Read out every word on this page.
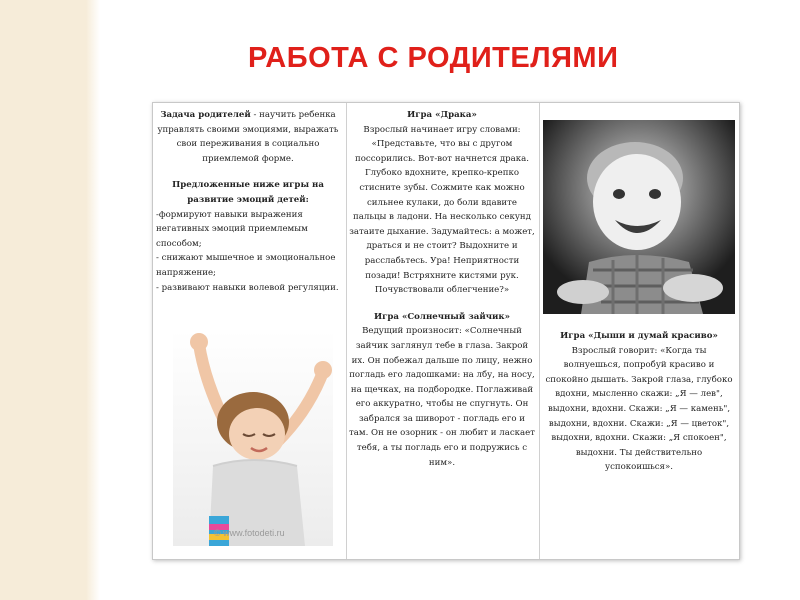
РАБОТА С РОДИТЕЛЯМИ

Задача родителей - научить ребенка управлять своими эмоциями, выражать свои переживания в социально приемлемой форме.

Предложенные ниже игры на развитие эмоций детей:

-формируют навыки выражения негативных эмоций приемлемым способом;

- снижают мышечное и эмоциональное напряжение;

- развивают навыки волевой регуляции.

© www.fotodeti.ru

Игра «Драка»

Взрослый начинает игру словами: «Представьте, что вы с другом поссорились. Вот-вот начнется драка. Глубоко вдохните, крепко-крепко стисните зубы. Сожмите как можно сильнее кулаки, до боли вдавите пальцы в ладони. На несколько секунд затаите дыхание. Задумайтесь: а может, драться и не стоит? Выдохните и расслабьтесь. Ура! Неприятности позади! Встряхните кистями рук. Почувствовали облегчение?»

Игра «Солнечный зайчик»

Ведущий произносит: «Солнечный зайчик заглянул тебе в глаза. Закрой их. Он побежал дальше по лицу, нежно погладь его ладошками: на лбу, на носу, на щечках, на подбородке. Поглаживай его аккуратно, чтобы не спугнуть. Он забрался за шиворот - погладь его и там. Он не озорник - он любит и ласкает тебя, а ты погладь его и подружись с ним».

Игра «Дыши и думай красиво»

Взрослый говорит: «Когда ты волнуешься, попробуй красиво и спокойно дышать. Закрой глаза, глубоко вдохни, мысленно скажи: „Я — лев", выдохни, вдохни. Скажи: „Я — камень", выдохни, вдохни. Скажи: „Я — цветок", выдохни, вдохни. Скажи: „Я спокоен", выдохни. Ты действительно успокоишься».
